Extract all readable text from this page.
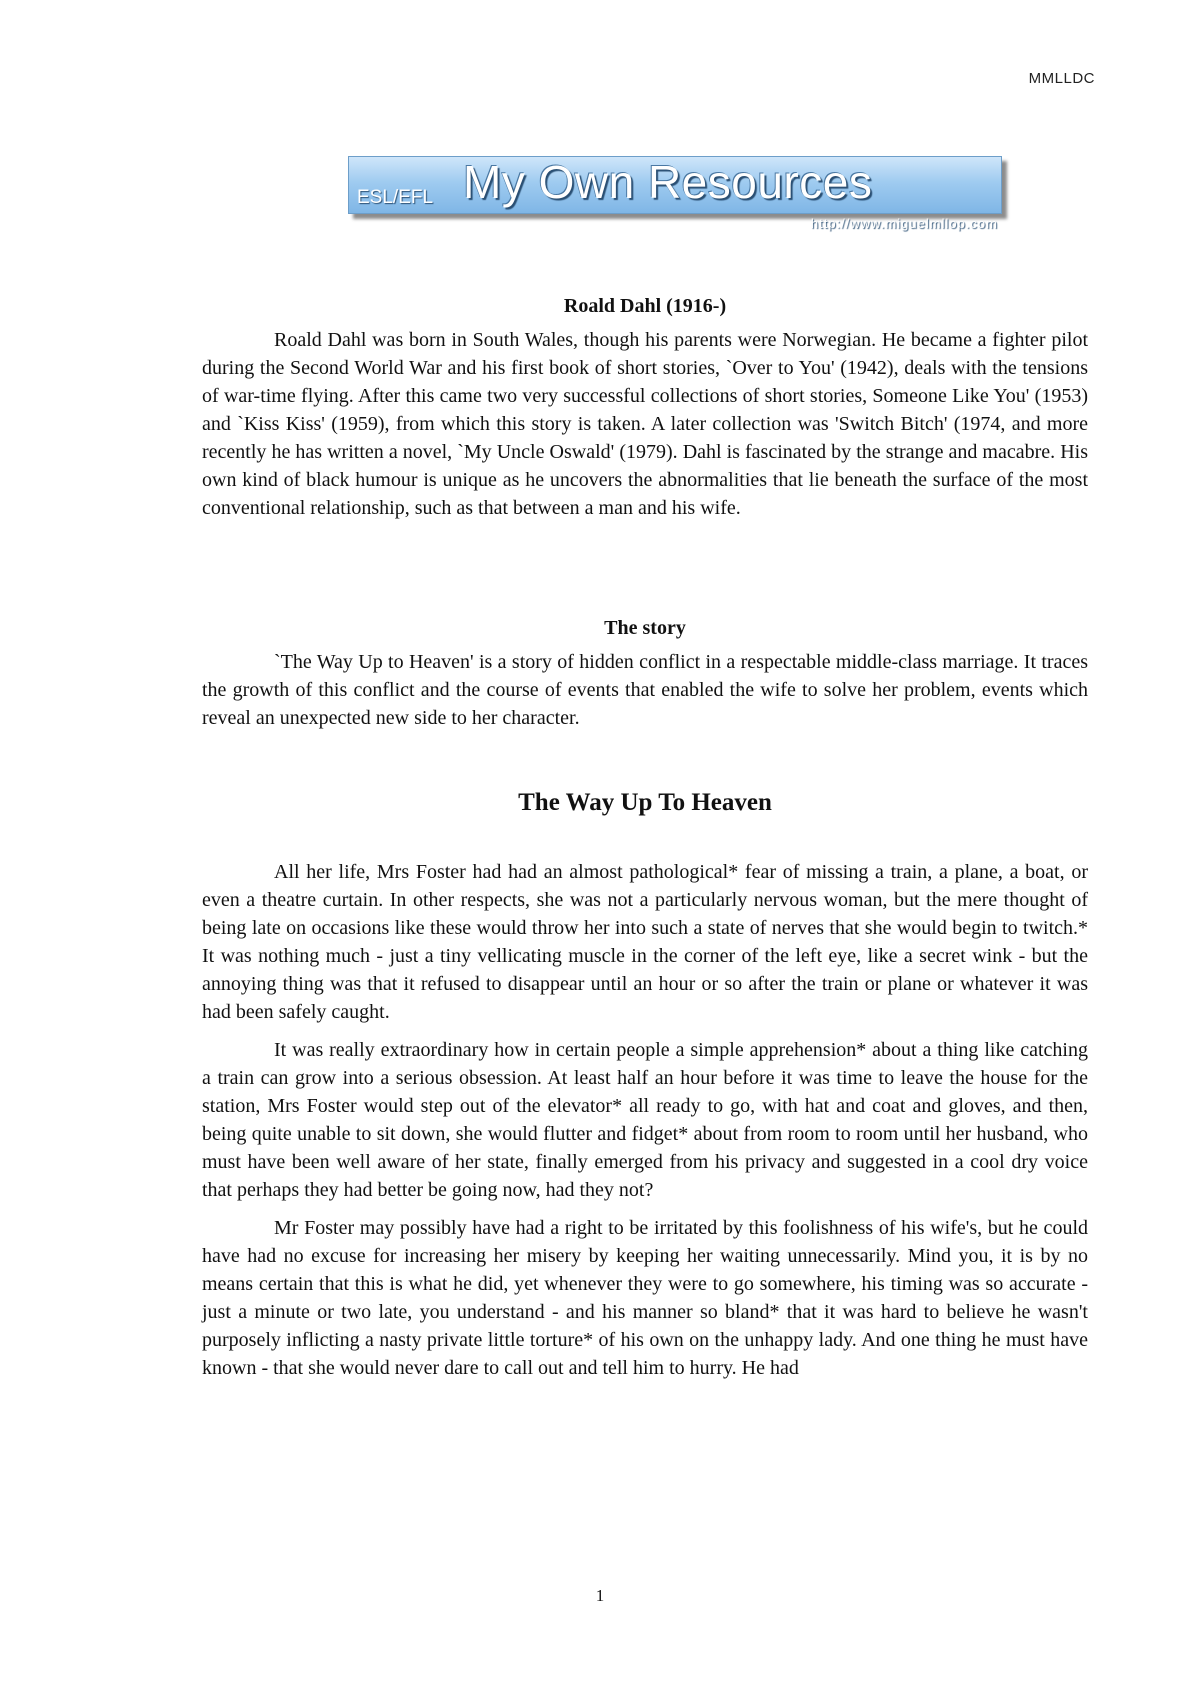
MMLLDC
ESL/EFL My Own Resources
http://www.miguelmllop.com
Roald Dahl (1916-)

Roald Dahl was born in South Wales, though his parents were Norwegian. He became a fighter pilot during the Second World War and his first book of short stories, `Over to You' (1942), deals with the tensions of war-time flying. After this came two very successful collections of short stories, Someone Like You' (1953) and `Kiss Kiss' (1959), from which this story is taken. A later collection was 'Switch Bitch' (1974, and more recently he has written a novel, `My Uncle Oswald' (1979). Dahl is fascinated by the strange and macabre. His own kind of black humour is unique as he uncovers the abnormalities that lie beneath the surface of the most conventional relationship, such as that between a man and his wife.

The story

`The Way Up to Heaven' is a story of hidden conflict in a respectable middle-class marriage. It traces the growth of this conflict and the course of events that enabled the wife to solve her problem, events which reveal an unexpected new side to her character.

The Way Up To Heaven

All her life, Mrs Foster had had an almost pathological* fear of missing a train, a plane, a boat, or even a theatre curtain. In other respects, she was not a particularly nervous woman, but the mere thought of being late on occasions like these would throw her into such a state of nerves that she would begin to twitch.* It was nothing much - just a tiny vellicating muscle in the corner of the left eye, like a secret wink - but the annoying thing was that it refused to disappear until an hour or so after the train or plane or whatever it was had been safely caught.

It was really extraordinary how in certain people a simple apprehension* about a thing like catching a train can grow into a serious obsession. At least half an hour before it was time to leave the house for the station, Mrs Foster would step out of the elevator* all ready to go, with hat and coat and gloves, and then, being quite unable to sit down, she would flutter and fidget* about from room to room until her husband, who must have been well aware of her state, finally emerged from his privacy and suggested in a cool dry voice that perhaps they had better be going now, had they not?

Mr Foster may possibly have had a right to be irritated by this foolishness of his wife's, but he could have had no excuse for increasing her misery by keeping her waiting unnecessarily. Mind you, it is by no means certain that this is what he did, yet whenever they were to go somewhere, his timing was so accurate - just a minute or two late, you understand - and his manner so bland* that it was hard to believe he wasn't purposely inflicting a nasty private little torture* of his own on the unhappy lady. And one thing he must have known - that she would never dare to call out and tell him to hurry. He had

1
